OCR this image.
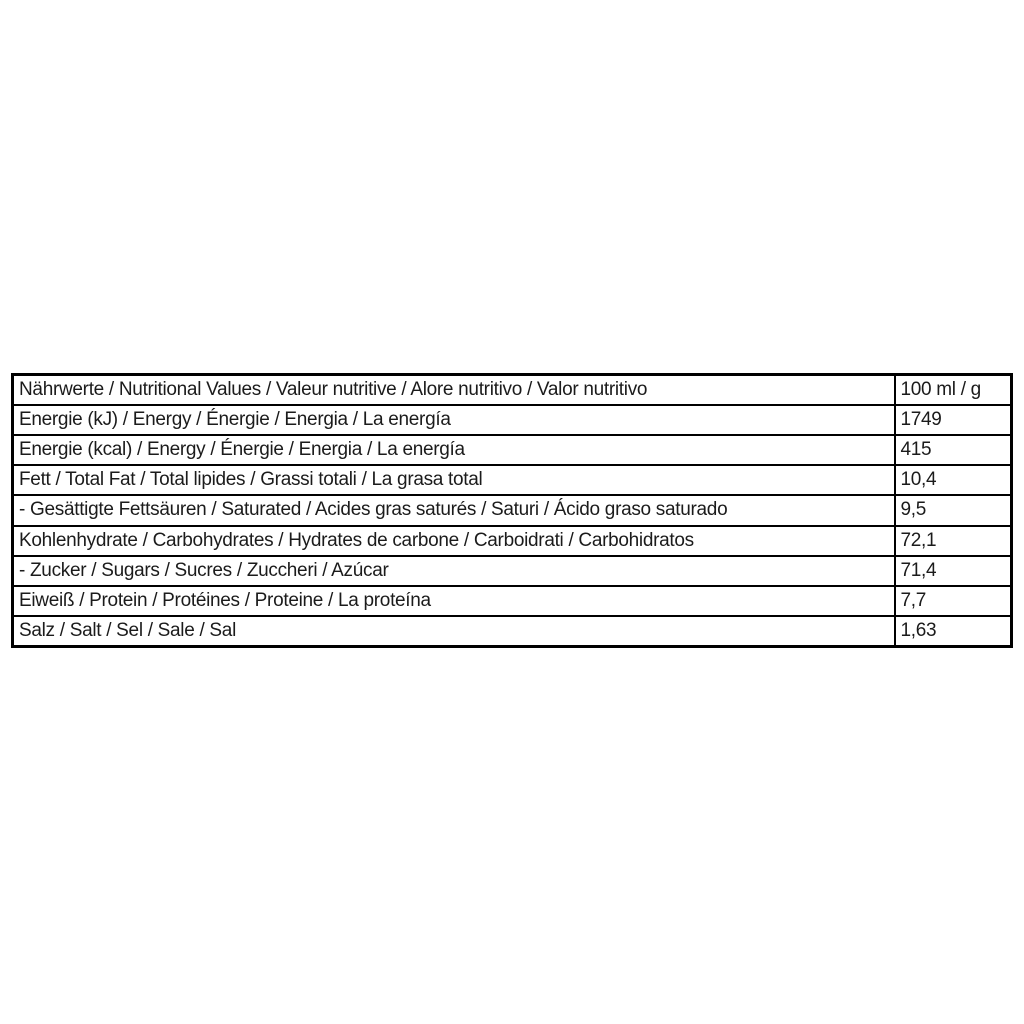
Nährwerte / Nutritional Values / Valeur nutritive / Alore nutritivo / Valor nutritivo	100 ml / g
Energie (kJ) / Energy / Énergie / Energia / La energía	1749
Energie (kcal) / Energy / Énergie / Energia / La energía	415
Fett / Total Fat / Total lipides / Grassi totali / La grasa total	10,4
- Gesättigte Fettsäuren / Saturated / Acides gras saturés / Saturi / Ácido graso saturado	9,5
Kohlenhydrate / Carbohydrates / Hydrates de carbone / Carboidrati / Carbohidratos	72,1
- Zucker / Sugars / Sucres / Zuccheri / Azúcar	71,4
Eiweiß / Protein / Protéines / Proteine / La proteína	7,7
Salz / Salt / Sel / Sale / Sal	1,63
